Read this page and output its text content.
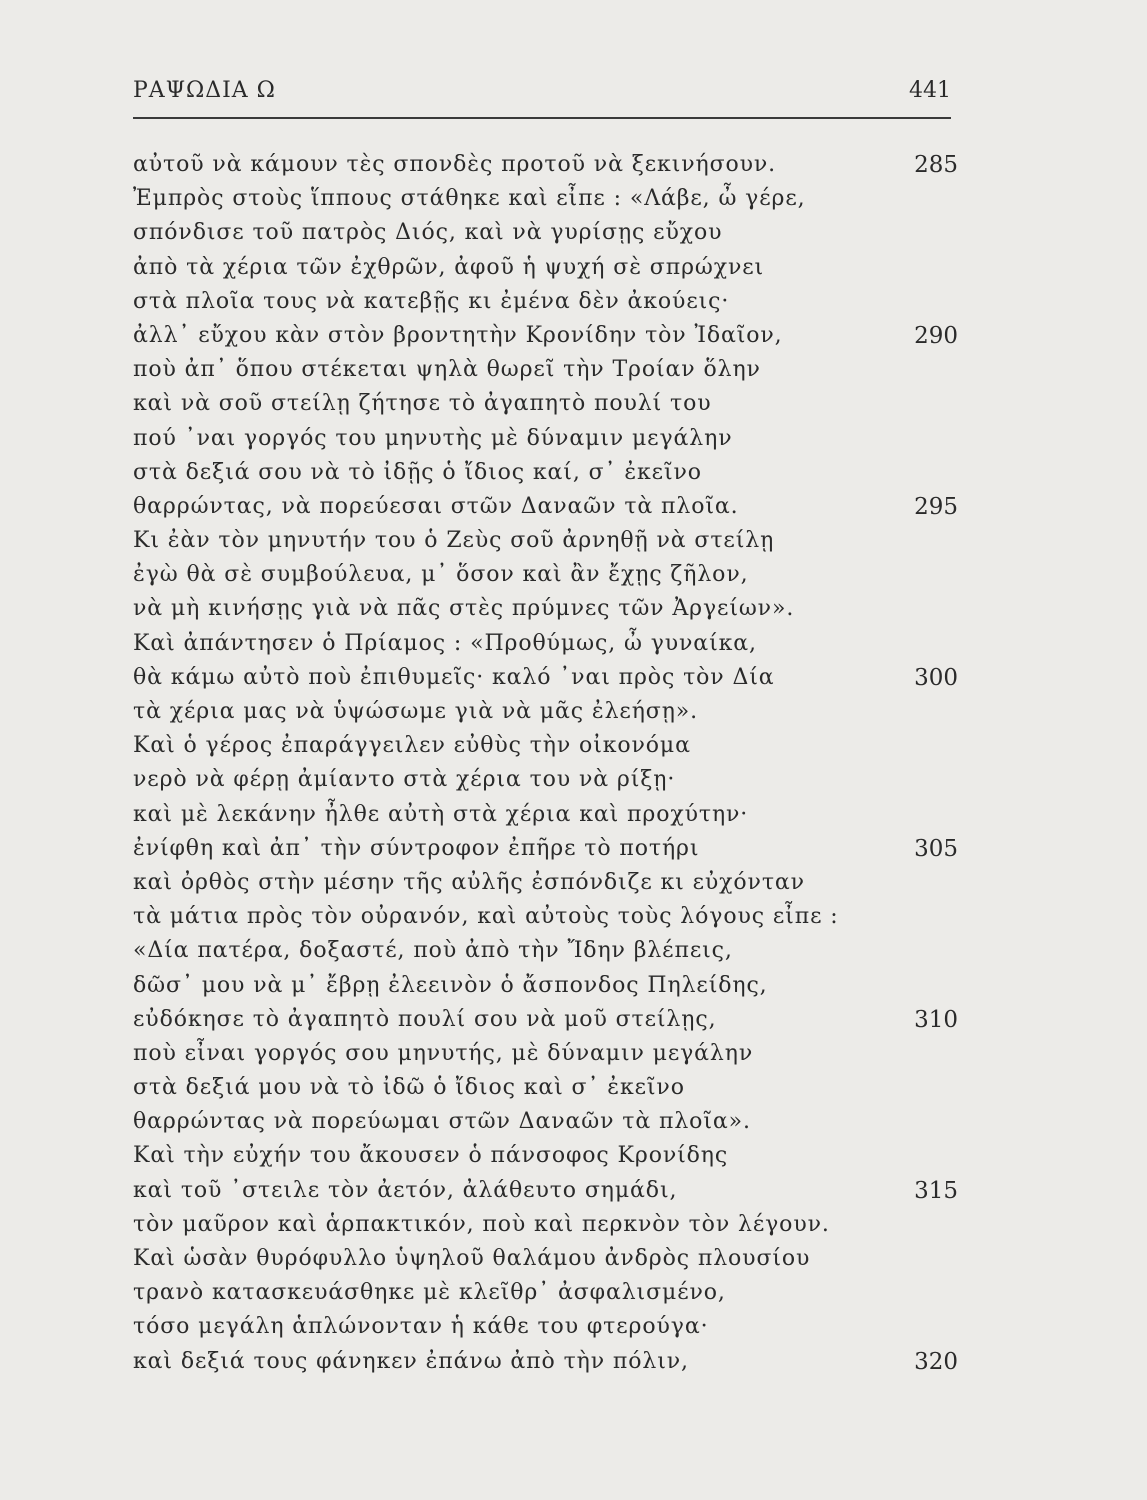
ΡΑΨΩΔΙΑ Ω	441
αὐτοῦ νὰ κάμουν τὲς σπονδὲς προτοῦ νὰ ξεκινήσουν.	285
Ἐμπρὸς στοὺς ἵππους στάθηκε καὶ εἶπε : «Λάβε, ὦ γέρε,
σπόνδισε τοῦ πατρὸς Διός, καὶ νὰ γυρίσῃς εὔχου
ἀπὸ τὰ χέρια τῶν ἐχθρῶν, ἀφοῦ ἡ ψυχή σὲ σπρώχνει
στὰ πλοῖα τους νὰ κατεβῇς κι ἐμένα δὲν ἀκούεις·
ἀλλ᾽ εὔχου κὰν στὸν βροντητὴν Κρονίδην τὸν Ἰδαῖον,	290
ποὺ ἀπ᾽ ὅπου στέκεται ψηλὰ θωρεῖ τὴν Τροίαν ὅλην
καὶ νὰ σοῦ στείλῃ ζήτησε τὸ ἀγαπητὸ πουλί του
πού ᾽ναι γοργός του μηνυτὴς μὲ δύναμιν μεγάλην
στὰ δεξιά σου νὰ τὸ ἰδῇς ὁ ἴδιος καί, σ᾽ ἐκεῖνο
θαρρώντας, νὰ πορεύεσαι στῶν Δαναῶν τὰ πλοῖα.	295
Κι ἐὰν τὸν μηνυτήν του ὁ Ζεὺς σοῦ ἀρνηθῇ νὰ στείλῃ
ἐγὼ θὰ σὲ συμβούλευα, μ᾽ ὅσον καὶ ἂν ἔχῃς ζῆλον,
νὰ μὴ κινήσῃς γιὰ νὰ πᾶς στὲς πρύμνες τῶν Ἀργείων».
Καὶ ἀπάντησεν ὁ Πρίαμος : «Προθύμως, ὦ γυναίκα,
θὰ κάμω αὐτὸ ποὺ ἐπιθυμεῖς· καλό ᾽ναι πρὸς τὸν Δία	300
τὰ χέρια μας νὰ ὑψώσωμε γιὰ νὰ μᾶς ἐλεήσῃ».
Καὶ ὁ γέρος ἐπαράγγειλεν εὐθὺς τὴν οἰκονόμα
νερὸ νὰ φέρῃ ἀμίαντο στὰ χέρια του νὰ ρίξῃ·
καὶ μὲ λεκάνην ἦλθε αὐτὴ στὰ χέρια καὶ προχύτην·
ἐνίφθη καὶ ἀπ᾽ τὴν σύντροφον ἐπῆρε τὸ ποτήρι	305
καὶ ὀρθὸς στὴν μέσην τῆς αὐλῆς ἐσπόνδιζε κι εὐχόνταν
τὰ μάτια πρὸς τὸν οὐρανόν, καὶ αὐτοὺς τοὺς λόγους εἶπε :
«Δία πατέρα, δοξαστέ, ποὺ ἀπὸ τὴν Ἴδην βλέπεις,
δῶσ᾽ μου νὰ μ᾽ ἔβρῃ ἐλεεινὸν ὁ ἄσπονδος Πηλείδης,
εὐδόκησε τὸ ἀγαπητὸ πουλί σου νὰ μοῦ στείλῃς,	310
ποὺ εἶναι γοργός σου μηνυτής, μὲ δύναμιν μεγάλην
στὰ δεξιά μου νὰ τὸ ἰδῶ ὁ ἴδιος καὶ σ᾽ ἐκεῖνο
θαρρώντας νὰ πορεύωμαι στῶν Δαναῶν τὰ πλοῖα».
Καὶ τὴν εὐχήν του ἄκουσεν ὁ πάνσοφος Κρονίδης
καὶ τοῦ ᾽στειλε τὸν ἀετόν, ἀλάθευτο σημάδι,	315
τὸν μαῦρον καὶ ἁρπακτικόν, ποὺ καὶ περκνὸν τὸν λέγουν.
Καὶ ὡσὰν θυρόφυλλο ὑψηλοῦ θαλάμου ἀνδρὸς πλουσίου
τρανὸ κατασκευάσθηκε μὲ κλεῖθρ᾽ ἀσφαλισμένο,
τόσο μεγάλη ἁπλώνονταν ἡ κάθε του φτερούγα·
καὶ δεξιά τους φάνηκεν ἐπάνω ἀπὸ τὴν πόλιν,	320
